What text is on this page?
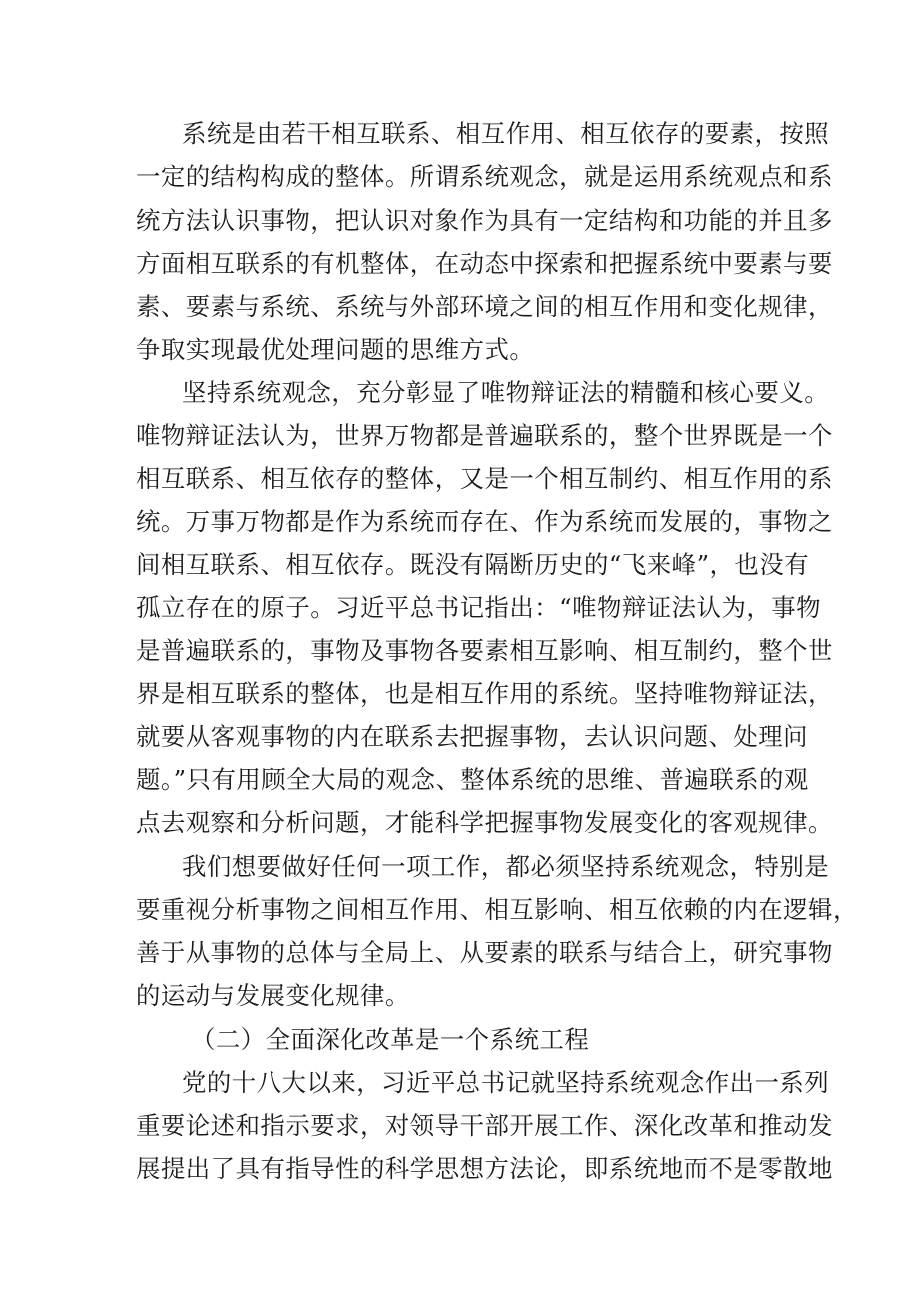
系统是由若干相互联系、相互作用、相互依存的要素，按照
一定的结构构成的整体。所谓系统观念，就是运用系统观点和系
统方法认识事物，把认识对象作为具有一定结构和功能的并且多
方面相互联系的有机整体，在动态中探索和把握系统中要素与要
素、要素与系统、系统与外部环境之间的相互作用和变化规律，
争取实现最优处理问题的思维方式。
坚持系统观念，充分彰显了唯物辩证法的精髓和核心要义。
唯物辩证法认为，世界万物都是普遍联系的，整个世界既是一个
相互联系、相互依存的整体，又是一个相互制约、相互作用的系
统。万事万物都是作为系统而存在、作为系统而发展的，事物之
间相互联系、相互依存。既没有隔断历史的“飞来峰”，也没有
孤立存在的原子。习近平总书记指出：“唯物辩证法认为，事物
是普遍联系的，事物及事物各要素相互影响、相互制约，整个世
界是相互联系的整体，也是相互作用的系统。坚持唯物辩证法，
就要从客观事物的内在联系去把握事物，去认识问题、处理问
题。”只有用顾全大局的观念、整体系统的思维、普遍联系的观
点去观察和分析问题，才能科学把握事物发展变化的客观规律。
我们想要做好任何一项工作，都必须坚持系统观念，特别是
要重视分析事物之间相互作用、相互影响、相互依赖的内在逻辑，
善于从事物的总体与全局上、从要素的联系与结合上，研究事物
的运动与发展变化规律。
（二）全面深化改革是一个系统工程
党的十八大以来，习近平总书记就坚持系统观念作出一系列
重要论述和指示要求，对领导干部开展工作、深化改革和推动发
展提出了具有指导性的科学思想方法论，即系统地而不是零散地
